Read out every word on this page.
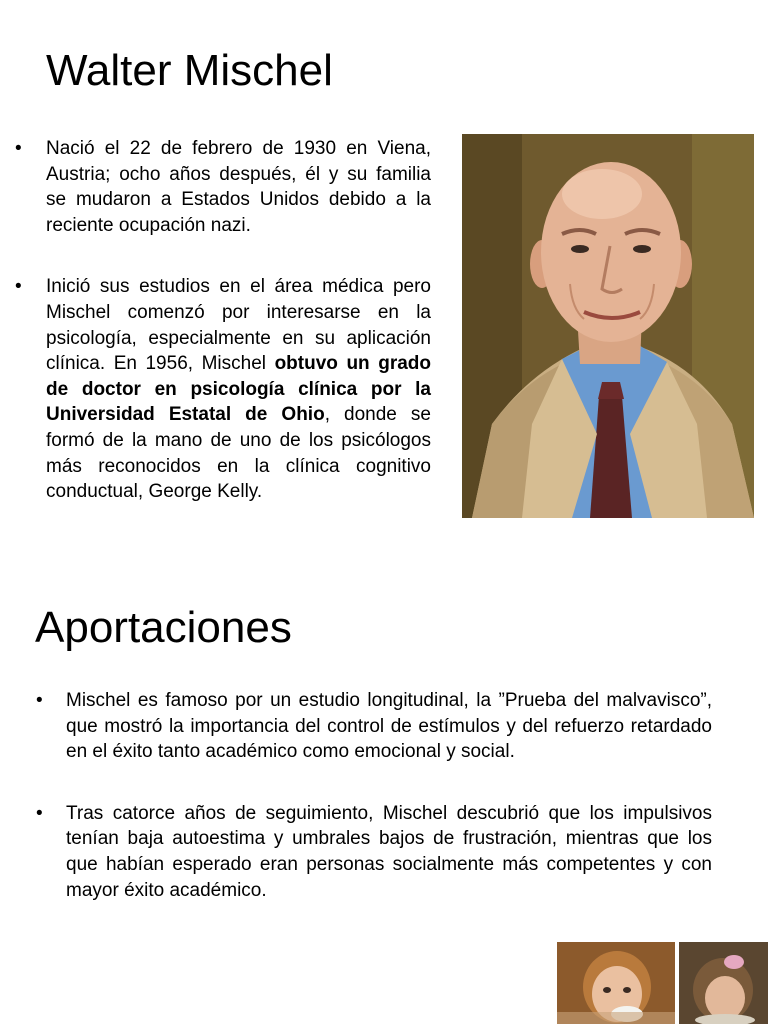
Walter Mischel
• Nació el 22 de febrero de 1930 en Viena, Austria; ocho años después, él y su familia se mudaron a Estados Unidos debido a la reciente ocupación nazi.
• Inició sus estudios en el área médica pero Mischel comenzó por interesarse en la psicología, especialmente en su aplicación clínica. En 1956, Mischel obtuvo un grado de doctor en psicología clínica por la Universidad Estatal de Ohio, donde se formó de la mano de uno de los psicólogos más reconocidos en la clínica cognitivo conductual, George Kelly.
Aportaciones
• Mischel es famoso por un estudio longitudinal, la ”Prueba del malvavisco”, que mostró la importancia del control de estímulos y del refuerzo retardado en el éxito tanto académico como emocional y social.
• Tras catorce años de seguimiento, Mischel descubrió que los impulsivos tenían baja autoestima y umbrales bajos de frustración, mientras que los que habían esperado eran personas socialmente más competentes y con mayor éxito académico.
